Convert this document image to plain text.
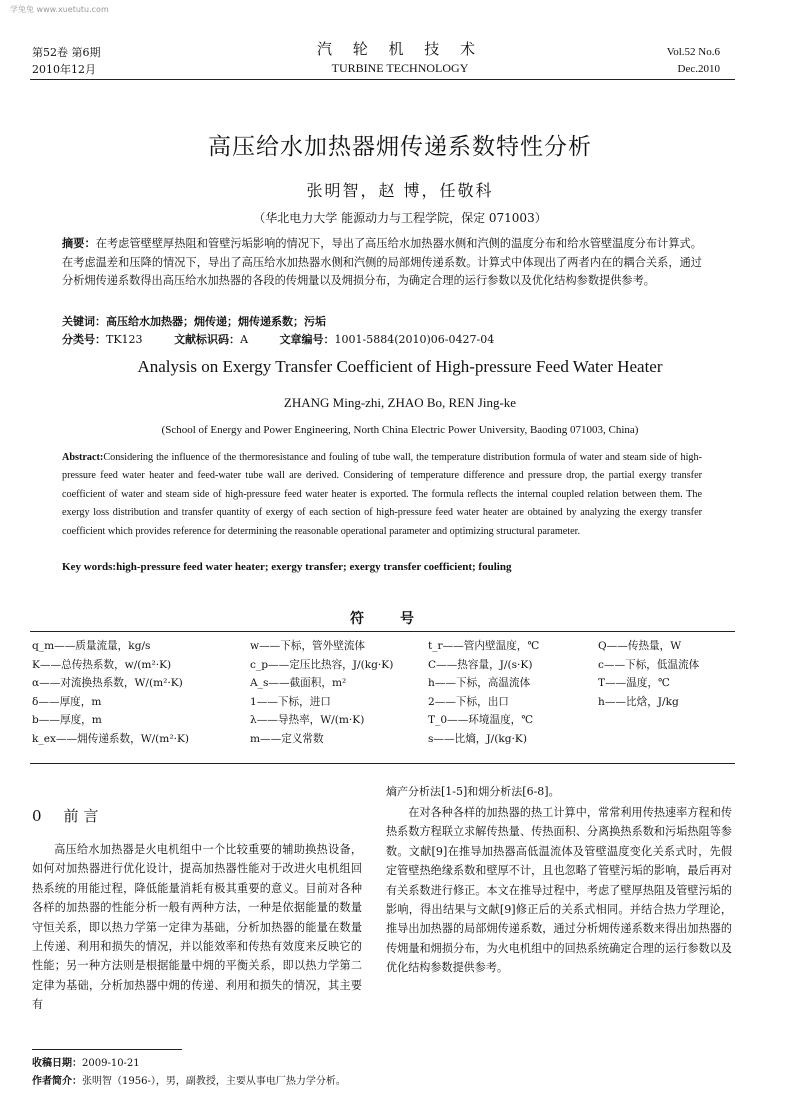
学兔兔 www.xuetutu.com
第52卷 第6期
2010年12月
汽 轮 机 技 术
TURBINE TECHNOLOGY
Vol.52 No.6
Dec.2010
高压给水加热器㶲传递系数特性分析
张明智，赵 博，任敬科
（华北电力大学 能源动力与工程学院，保定 071003）
摘要：在考虑管壁壁厚热阻和管壁污垢影响的情况下，导出了高压给水加热器水侧和汽侧的温度分布和给水管壁温度分布计算式。在考虑温差和压降的情况下，导出了高压给水加热器水侧和汽侧的局部㶲传递系数。计算式中体现出了两者内在的耦合关系，通过分析㶲传递系数得出高压给水加热器的各段的传㶲量以及㶲损分布，为确定合理的运行参数以及优化结构参数提供参考。
关键词：高压给水加热器；㶲传递；㶲传递系数；污垢
分类号：TK123	文献标识码：A	文章编号：1001-5884(2010)06-0427-04
Analysis on Exergy Transfer Coefficient of High-pressure Feed Water Heater
ZHANG Ming-zhi, ZHAO Bo, REN Jing-ke
(School of Energy and Power Engineering, North China Electric Power University, Baoding 071003, China)
Abstract:Considering the influence of the thermoresistance and fouling of tube wall, the temperature distribution formula of water and steam side of high-pressure feed water heater and feed-water tube wall are derived. Considering of temperature difference and pressure drop, the partial exergy transfer coefficient of water and steam side of high-pressure feed water heater is exported. The formula reflects the internal coupled relation between them. The exergy loss distribution and transfer quantity of exergy of each section of high-pressure feed water heater are obtained by analyzing the exergy transfer coefficient which provides reference for determining the reasonable operational parameter and optimizing structural parameter.
Key words:high-pressure feed water heater; exergy transfer; exergy transfer coefficient; fouling
符号
q_m——质量流量，kg/s
K——总传热系数，w/(m²·K)
α——对流换热系数，W/(m²·K)
δ——厚度，m
b——厚度，m
k_ex——㶲传递系数，W/(m²·K)
w——下标，管外壁流体
c_p——定压比热容，J/(kg·K)
A_s——截面积，m²
1——下标，进口
λ——导热率，W/(m·K)
m——定义常数
t_r——管内壁温度，℃
C——热容量，J/(s·K)
h——下标，高温流体
2——下标，出口
T_0——环境温度，℃
s——比熵，J/(kg·K)
Q——传热量，W
c——下标，低温流体
T——温度，℃
h——比焓，J/kg
0 前 言

高压给水加热器是火电机组中一个比较重要的辅助换热设备，如何对加热器进行优化设计，提高加热器性能对于改进火电机组回热系统的用能过程，降低能量消耗有极其重要的意义。目前对各种各样的加热器的性能分析一般有两种方法，一种是依据能量的数量守恒关系，即以热力学第一定律为基础，分析加热器的能量在数量上传递、利用和损失的情况，并以能效率和传热有效度来反映它的性能；另一种方法则是根据能量中㶲的平衡关系，即以热力学第二定律为基础，分析加热器中㶲的传递、利用和损失的情况，其主要有

熵产分析法[1-5]和㶲分析法[6-8]。

在对各种各样的加热器的热工计算中，常常利用传热速率方程和传热系数方程联立求解传热量、传热面积、分离换热系数和污垢热阻等参数。文献[9]在推导加热器高低温流体及管壁温度变化关系式时，先假定管壁热绝缘系数和壁厚不计，且也忽略了管壁污垢的影响，最后再对有关系数进行修正。本文在推导过程中，考虑了壁厚热阻及管壁污垢的影响，得出结果与文献[9]修正后的关系式相同。并结合热力学理论，推导出加热器的局部㶲传递系数，通过分析㶲传递系数来得出加热器的传㶲量和㶲损分布，为火电机组中的回热系统确定合理的运行参数以及优化结构参数提供参考。

收稿日期：2009-10-21
作者简介：张明智（1956-），男，副教授，主要从事电厂热力学分析。
